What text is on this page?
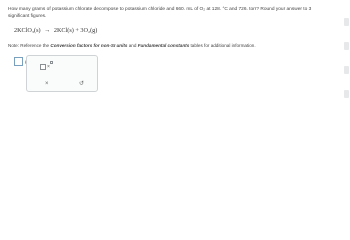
How many grams of potassium chlorate decompose to potassium chloride and 660. mL of O₂ at 128. °C and 726. torr? Round your answer to 3 significant figures.
2KClO₃(s) → 2KCl(s) + 3O₂(g)
Note: Reference the Conversion factors for non-SI units and Fundamental constants tables for additional information.
×
×	↺
